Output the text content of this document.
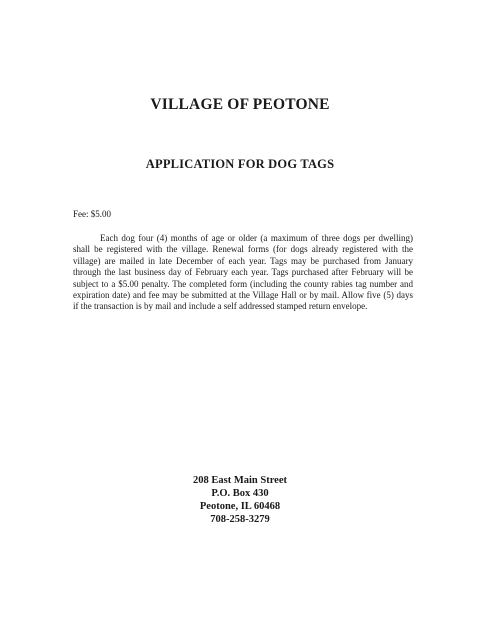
VILLAGE OF PEOTONE
APPLICATION FOR DOG TAGS
Fee: $5.00
Each dog four (4) months of age or older (a maximum of three dogs per dwelling) shall be registered with the village. Renewal forms (for dogs already registered with the village) are mailed in late December of each year. Tags may be purchased from January through the last business day of February each year. Tags purchased after February will be subject to a $5.00 penalty. The completed form (including the county rabies tag number and expiration date) and fee may be submitted at the Village Hall or by mail. Allow five (5) days if the transaction is by mail and include a self addressed stamped return envelope.
208 East Main Street
P.O. Box 430
Peotone, IL 60468
708-258-3279
